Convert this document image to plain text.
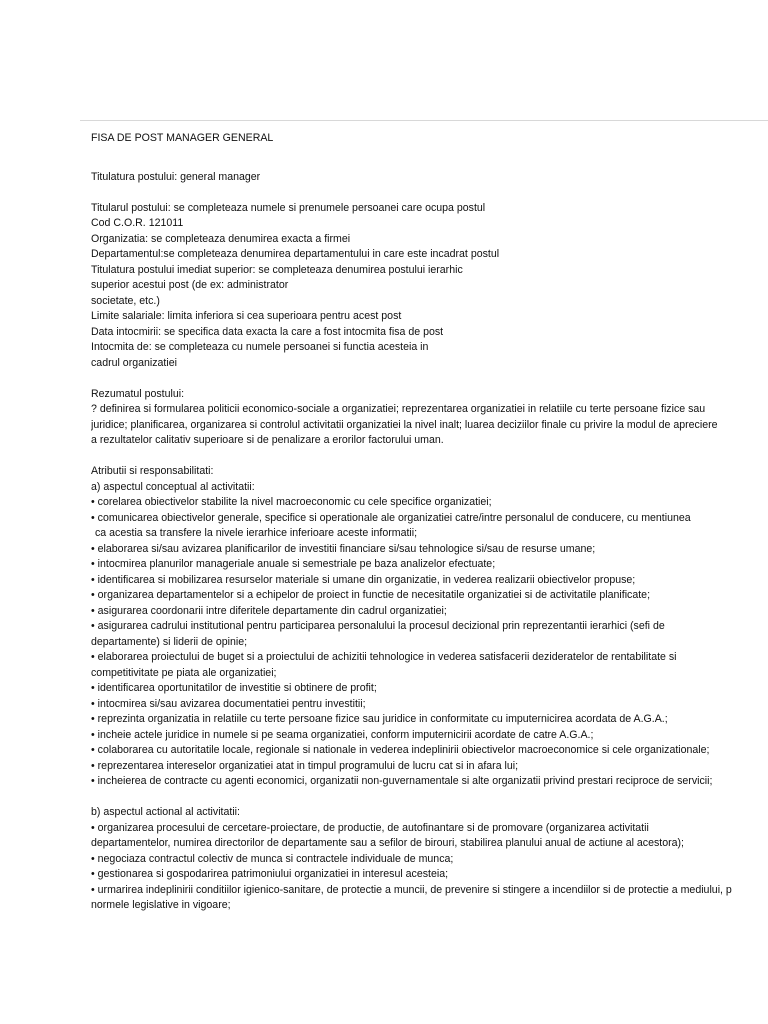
FISA DE POST MANAGER GENERAL
Titulatura postului: general manager
Titularul postului: se completeaza numele si prenumele persoanei care ocupa postul
Cod C.O.R. 121011
Organizatia: se completeaza denumirea exacta a firmei
Departamentul:se completeaza denumirea departamentului in care este incadrat postul
Titulatura postului imediat superior: se completeaza denumirea postului ierarhic
superior acestui post (de ex: administrator
societate, etc.)
Limite salariale: limita inferiora si cea superioara pentru acest post
Data intocmirii: se specifica data exacta la care a fost intocmita fisa de post
Intocmita de: se completeaza cu numele persoanei si functia acesteia in
cadrul organizatiei
Rezumatul postului:
? definirea si formularea politicii economico-sociale a organizatiei; reprezentarea organizatiei in relatiile cu terte persoane fizice sau
juridice; planificarea, organizarea si controlul activitatii organizatiei la nivel inalt; luarea deciziilor finale cu privire la modul de apreciere
a rezultatelor calitativ superioare si de penalizare a erorilor factorului uman.
Atributii si responsabilitati:
a) aspectul conceptual al activitatii:
• corelarea obiectivelor stabilite la nivel macroeconomic cu cele specifice organizatiei;
• comunicarea obiectivelor generale, specifice si operationale ale organizatiei catre/intre personalul de conducere, cu mentiunea
ca acestia sa transfere la nivele ierarhice inferioare aceste informatii;
• elaborarea si/sau avizarea planificarilor de investitii financiare si/sau tehnologice si/sau de resurse umane;
• intocmirea planurilor manageriale anuale si semestriale pe baza analizelor efectuate;
• identificarea si mobilizarea resurselor materiale si umane din organizatie, in vederea realizarii obiectivelor propuse;
• organizarea departamentelor si a echipelor de proiect in functie de necesitatile organizatiei si de activitatile planificate;
• asigurarea coordonarii intre diferitele departamente din cadrul organizatiei;
• asigurarea cadrului institutional pentru participarea personalului la procesul decizional prin reprezentantii ierarhici (sefi de
departamente) si liderii de opinie;
• elaborarea proiectului de buget si a proiectului de achizitii tehnologice in vederea satisfacerii dezideratelor de rentabilitate si
competitivitate pe piata ale organizatiei;
• identificarea oportunitatilor de investitie si obtinere de profit;
• intocmirea si/sau avizarea documentatiei pentru investitii;
• reprezinta organizatia in relatiile cu terte persoane fizice sau juridice in conformitate cu imputernicirea acordata de A.G.A.;
• incheie actele juridice in numele si pe seama organizatiei, conform imputernicirii acordate de catre A.G.A.;
• colaborarea cu autoritatile locale, regionale si nationale in vederea indeplinirii obiectivelor macroeconomice si cele organizationale;
• reprezentarea intereselor organizatiei atat in timpul programului de lucru cat si in afara lui;
• incheierea de contracte cu agenti economici, organizatii non-guvernamentale si alte organizatii privind prestari reciproce de servicii;
b) aspectul actional al activitatii:
• organizarea procesului de cercetare-proiectare, de productie, de autofinantare si de promovare (organizarea activitatii
departamentelor, numirea directorilor de departamente sau a sefilor de birouri, stabilirea planului anual de actiune al acestora);
• negociaza contractul colectiv de munca si contractele individuale de munca;
• gestionarea si gospodarirea patrimoniului organizatiei in interesul acesteia;
• urmarirea indeplinirii conditiilor igienico-sanitare, de protectie a muncii, de prevenire si stingere a incendiilor si de protectie a mediului, p
normele legislative in vigoare;
